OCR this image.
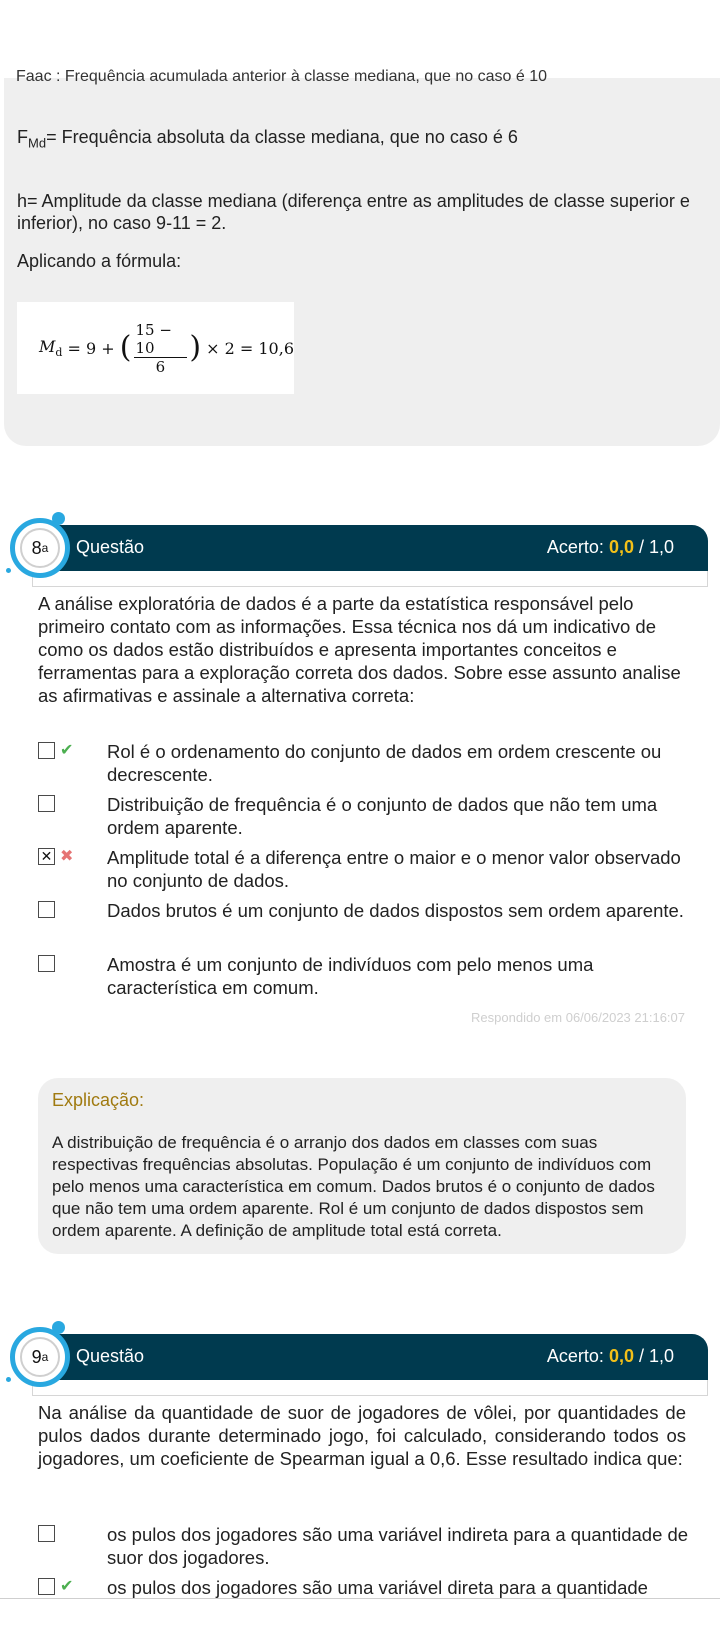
Faac : Frequência acumulada anterior à classe mediana, que no caso é 10
$F_{Md}=$ Frequência absoluta da classe mediana, que no caso é 6
h= Amplitude da classe mediana (diferença entre as amplitudes de classe superior e inferior), no caso 9-11 = 2.
Aplicando a fórmula:
$M_d = 9$ + ( $\frac{15 - 10}{6}$ ) × 2 = 10,6
Questão	Acerto: 0,0 / 1,0
8 a
A análise exploratória de dados é a parte da estatística responsável pelo primeiro contato com as informações. Essa técnica nos dá um indicativo de como os dados estão distribuídos e apresenta importantes conceitos e ferramentas para a exploração correta dos dados. Sobre esse assunto analise as afirmativas e assinale a alternativa correta:
✔ Rol é o ordenamento do conjunto de dados em ordem crescente ou decrescente.
Distribuição de frequência é o conjunto de dados que não tem uma ordem aparente.
✕ ✖ Amplitude total é a diferença entre o maior e o menor valor observado no conjunto de dados.
Dados brutos é um conjunto de dados dispostos sem ordem aparente.
Amostra é um conjunto de indivíduos com pelo menos uma característica em comum.
Respondido em 06/06/2023 21:16:07
Explicação:
A distribuição de frequência é o arranjo dos dados em classes com suas respectivas frequências absolutas. População é um conjunto de indivíduos com pelo menos uma característica em comum. Dados brutos é o conjunto de dados que não tem uma ordem aparente. Rol é um conjunto de dados dispostos sem ordem aparente. A definição de amplitude total está correta.
Questão	Acerto: 0,0 / 1,0
9 a
Na análise da quantidade de suor de jogadores de vôlei, por quantidades de pulos dados durante determinado jogo, foi calculado, considerando todos os jogadores, um coeficiente de Spearman igual a 0,6. Esse resultado indica que:
os pulos dos jogadores são uma variável indireta para a quantidade de suor dos jogadores.
✔ os pulos dos jogadores são uma variável direta para a quantidade
